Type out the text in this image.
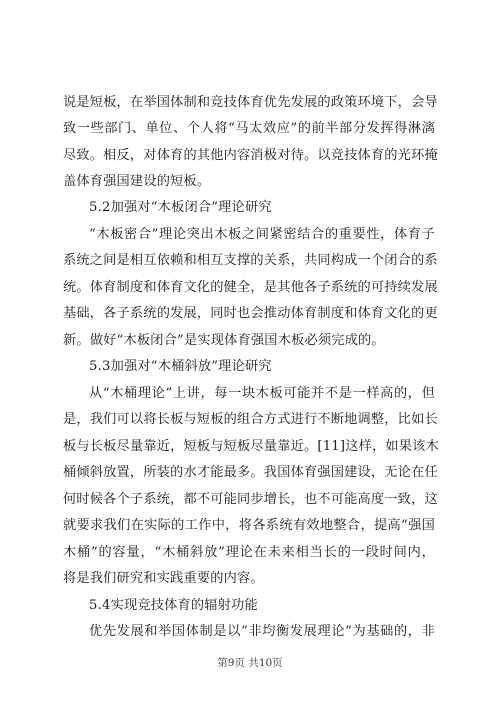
说是短板，在举国体制和竞技体育优先发展的政策环境下，会导
致一些部门、单位、个人将“马太效应”的前半部分发挥得淋漓
尽致。相反，对体育的其他内容消极对待。以竞技体育的光环掩
盖体育强国建设的短板。
5.2加强对“木板闭合”理论研究
“木板密合”理论突出木板之间紧密结合的重要性，体育子
系统之间是相互依赖和相互支撑的关系，共同构成一个闭合的系
统。体育制度和体育文化的健全，是其他各子系统的可持续发展
基础，各子系统的发展，同时也会推动体育制度和体育文化的更
新。做好“木板闭合”是实现体育强国木板必须完成的。
5.3加强对“木桶斜放”理论研究
从“木桶理论”上讲，每一块木板可能并不是一样高的，但
是，我们可以将长板与短板的组合方式进行不断地调整，比如长
板与长板尽量靠近，短板与短板尽量靠近。[11]这样，如果该木
桶倾斜放置，所装的水才能最多。我国体育强国建设，无论在任
何时候各个子系统，都不可能同步增长，也不可能高度一致，这
就要求我们在实际的工作中，将各系统有效地整合，提高“强国
木桶”的容量，“木桶斜放”理论在未来相当长的一段时间内，
将是我们研究和实践重要的内容。
5.4实现竞技体育的辐射功能
优先发展和举国体制是以“非均衡发展理论”为基础的，非
第9页 共10页
